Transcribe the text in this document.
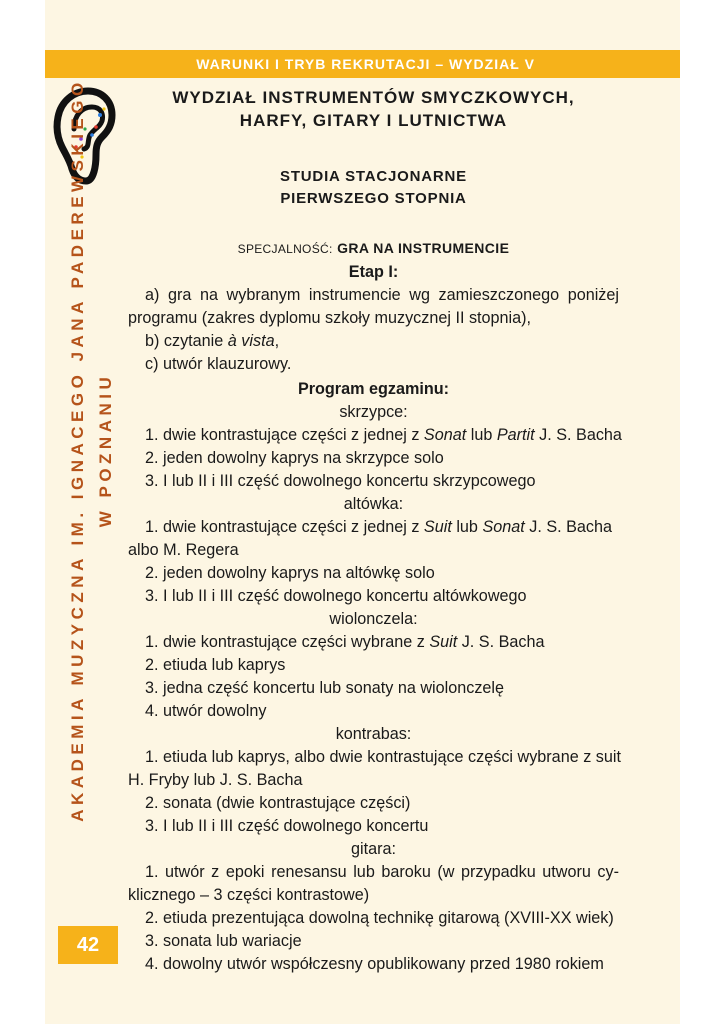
WARUNKI I TRYB REKRUTACJI – WYDZIAŁ V
AKADEMIA MUZYCZNA IM. IGNACEGO JANA PADEREWSKIEGO W POZNANIU
42
WYDZIAŁ INSTRUMENTÓW SMYCZKOWYCH,
HARFY, GITARY I LUTNICTWA
STUDIA STACJONARNE
PIERWSZEGO STOPNIA
SPECJALNOŚĆ: GRA NA INSTRUMENCIE
Etap I:
a) gra na wybranym instrumencie wg zamieszczonego poniżej
programu (zakres dyplomu szkoły muzycznej II stopnia),
b) czytanie à vista,
c) utwór klauzurowy.
Program egzaminu:
skrzypce:
1. dwie kontrastujące części z jednej z Sonat lub Partit J. S. Bacha
2. jeden dowolny kaprys na skrzypce solo
3. I lub II i III część dowolnego koncertu skrzypcowego
altówka:
1. dwie kontrastujące części z jednej z Suit lub Sonat J. S. Bacha
albo M. Regera
2. jeden dowolny kaprys na altówkę solo
3. I lub II i III część dowolnego koncertu altówkowego
wiolonczela:
1. dwie kontrastujące części wybrane z Suit J. S. Bacha
2. etiuda lub kaprys
3. jedna część koncertu lub sonaty na wiolonczelę
4. utwór dowolny
kontrabas:
1. etiuda lub kaprys, albo dwie kontrastujące części wybrane z suit
H. Fryby lub J. S. Bacha
2. sonata (dwie kontrastujące części)
3. I lub II i III część dowolnego koncertu
gitara:
1. utwór z epoki renesansu lub baroku (w przypadku utworu cy-
klicznego – 3 części kontrastowe)
2. etiuda prezentująca dowolną technikę gitarową (XVIII-XX wiek)
3. sonata lub wariacje
4. dowolny utwór współczesny opublikowany przed 1980 rokiem
